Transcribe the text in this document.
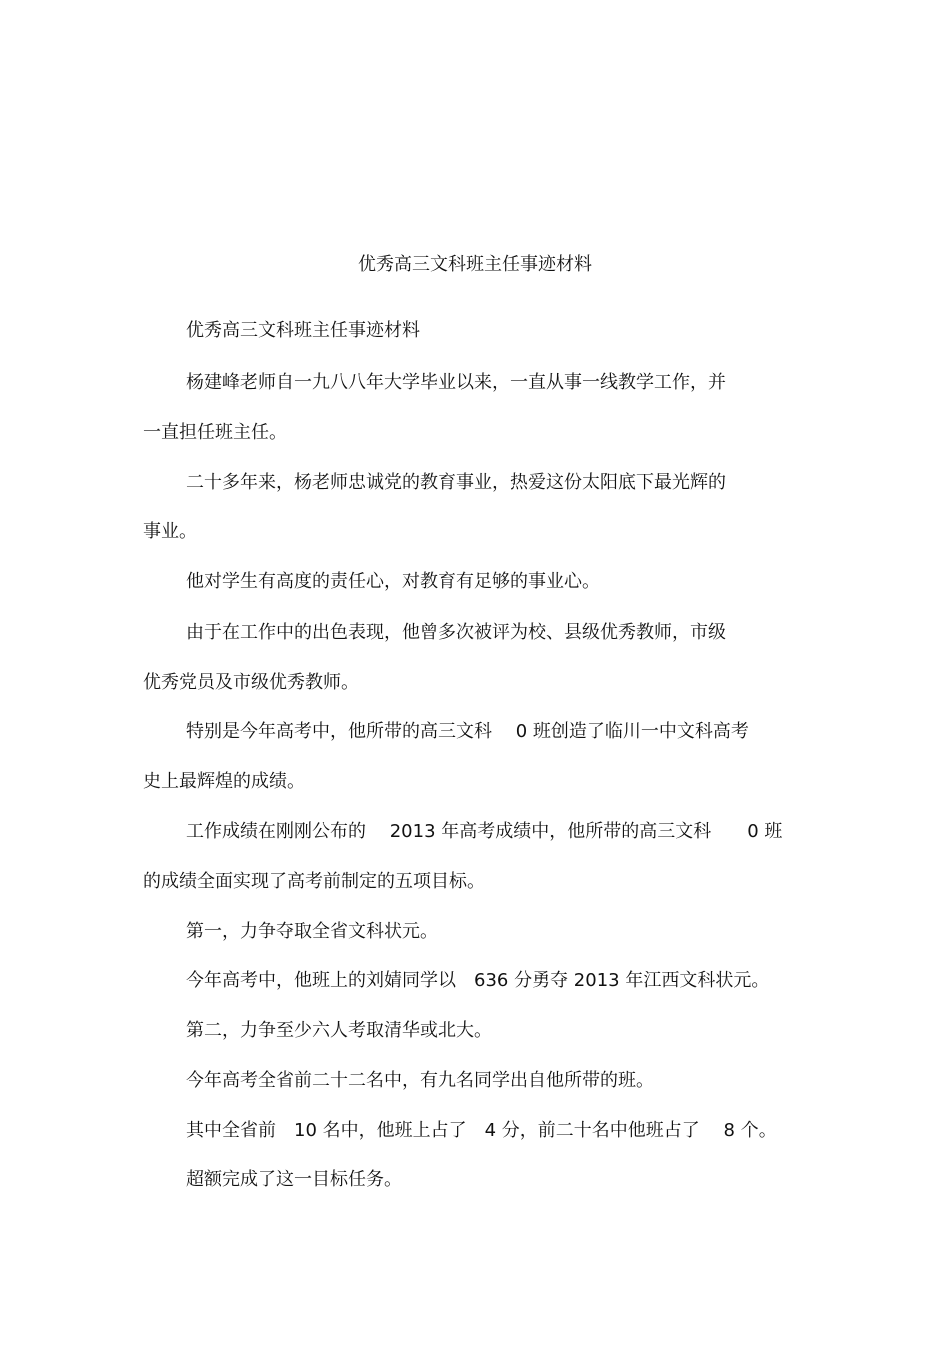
优秀高三文科班主任事迹材料
优秀高三文科班主任事迹材料
杨建峰老师自一九八八年大学毕业以来，一直从事一线教学工作，并
一直担任班主任。
二十多年来，杨老师忠诚党的教育事业，热爱这份太阳底下最光辉的
事业。
他对学生有高度的责任心，对教育有足够的事业心。
由于在工作中的出色表现，他曾多次被评为校、县级优秀教师，市级
优秀党员及市级优秀教师。
特别是今年高考中，他所带的高三文科　 0 班创造了临川一中文科高考
史上最辉煌的成绩。
工作成绩在刚刚公布的　 2013 年高考成绩中，他所带的高三文科　　0 班
的成绩全面实现了高考前制定的五项目标。
第一，力争夺取全省文科状元。
今年高考中，他班上的刘婧同学以　636 分勇夺 2013 年江西文科状元。
第二，力争至少六人考取清华或北大。
今年高考全省前二十二名中，有九名同学出自他所带的班。
其中全省前　10 名中，他班上占了　4 分，前二十名中他班占了　 8 个。
超额完成了这一目标任务。
